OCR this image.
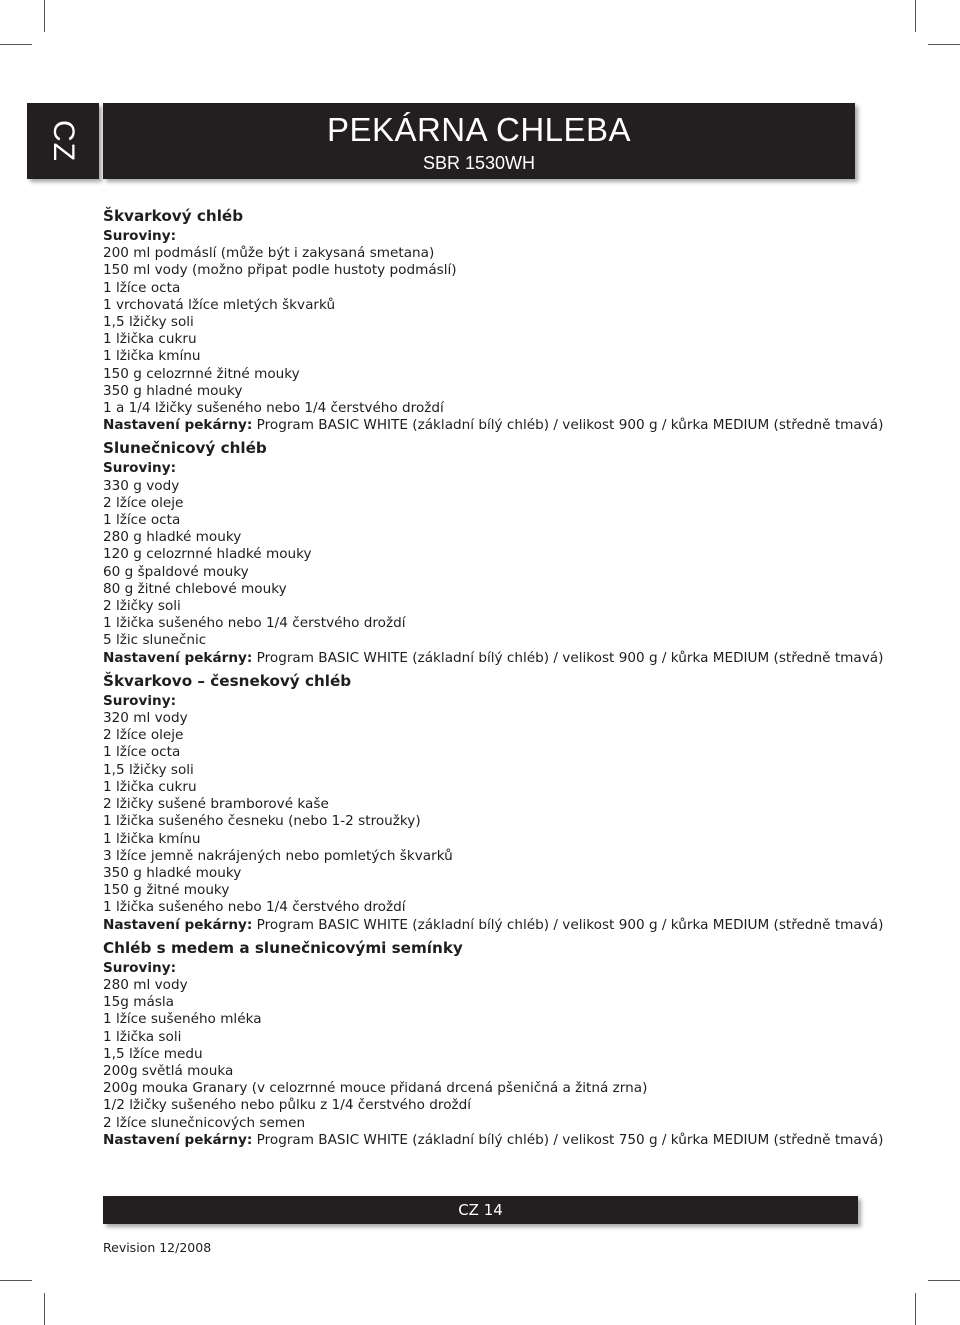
CZ	PEKÁRNA CHLEBA
SBR 1530WH
Škvarkový chléb
Suroviny:
200 ml podmáslí (může být i zakysaná smetana)
150 ml vody (možno připat podle hustoty podmáslí)
1 lžíce octa
1 vrchovatá lžíce mletých škvarků
1,5 lžičky soli
1 lžička cukru
1 lžička kmínu
150 g celozrnné žitné mouky
350 g hladné mouky
1 a 1/4 lžičky sušeného nebo 1/4 čerstvého droždí
Nastavení pekárny: Program BASIC WHITE (základní bílý chléb) / velikost 900 g / kůrka MEDIUM (středně tmavá)
Slunečnicový chléb
Suroviny:
330 g vody
2 lžíce oleje
1 lžíce octa
280 g hladké mouky
120 g celozrnné hladké mouky
60 g špaldové mouky
80 g žitné chlebové mouky
2 lžičky soli
1 lžička sušeného nebo 1/4 čerstvého droždí
5 lžic slunečnic
Nastavení pekárny: Program BASIC WHITE (základní bílý chléb) / velikost 900 g / kůrka MEDIUM (středně tmavá)
Škvarkovo – česnekový chléb
Suroviny:
320 ml vody
2 lžíce oleje
1 lžíce octa
1,5 lžičky soli
1 lžička cukru
2 lžičky sušené bramborové kaše
1 lžička sušeného česneku (nebo 1-2 stroužky)
1 lžička kmínu
3 lžíce jemně nakrájených nebo pomletých škvarků
350 g hladké mouky
150 g žitné mouky
1 lžička sušeného nebo 1/4 čerstvého droždí
Nastavení pekárny: Program BASIC WHITE (základní bílý chléb) / velikost 900 g / kůrka MEDIUM (středně tmavá)
Chléb s medem a slunečnicovými semínky
Suroviny:
280 ml vody
15g másla
1 lžíce sušeného mléka
1 lžička soli
1,5 lžíce medu
200g světlá mouka
200g mouka Granary (v celozrnné mouce přidaná drcená pšeničná a žitná zrna)
1/2 lžičky sušeného nebo půlku z 1/4 čerstvého droždí
2 lžíce slunečnicových semen
Nastavení pekárny: Program BASIC WHITE (základní bílý chléb) / velikost 750 g / kůrka MEDIUM (středně tmavá)
CZ 14
Revision 12/2008
